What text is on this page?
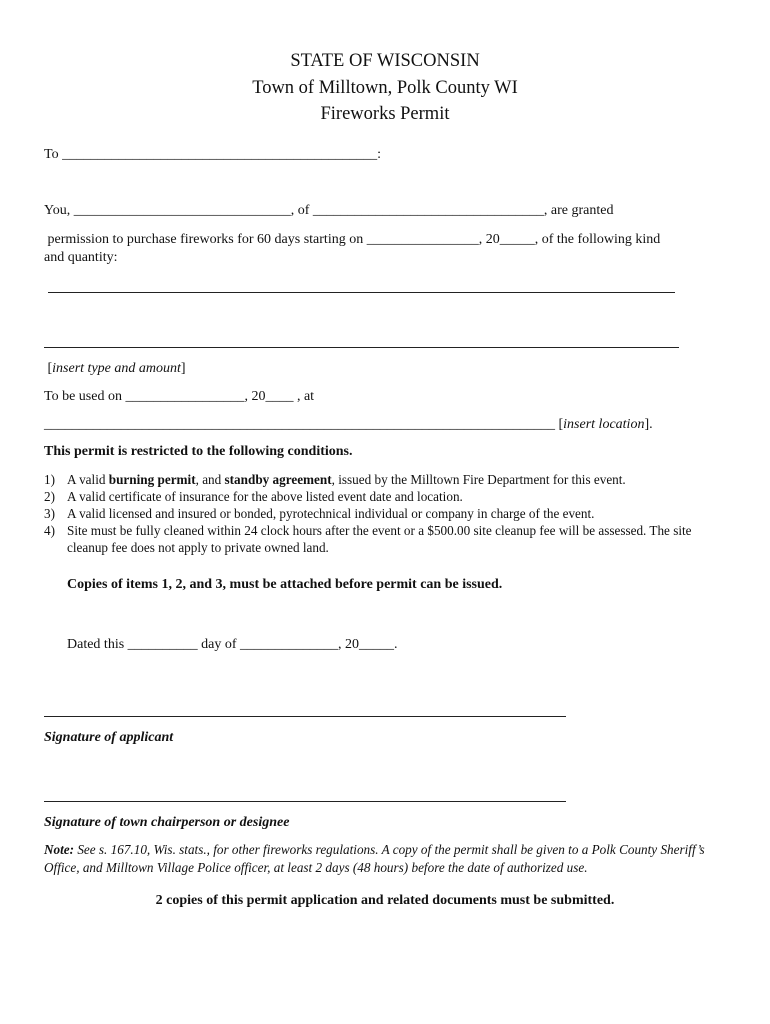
STATE OF WISCONSIN
Town of Milltown, Polk County WI
Fireworks Permit
To _____________________________________________:
You, _______________________________, of _________________________________, are granted
permission to purchase fireworks for 60 days starting on ________________, 20_____, of the following kind
and quantity:
[insert type and amount]
To be used on _________________, 20____ , at
_________________________________________________________________________ [insert location].
This permit is restricted to the following conditions.
1) A valid burning permit, and standby agreement, issued by the Milltown Fire Department for this event.
2) A valid certificate of insurance for the above listed event date and location.
3) A valid licensed and insured or bonded, pyrotechnical individual or company in charge of the event.
4) Site must be fully cleaned within 24 clock hours after the event or a $500.00 site cleanup fee will be assessed. The site cleanup fee does not apply to private owned land.
Copies of items 1, 2, and 3, must be attached before permit can be issued.
Dated this __________ day of ______________, 20_____.
Signature of applicant
Signature of town chairperson or designee
Note: See s. 167.10, Wis. stats., for other fireworks regulations. A copy of the permit shall be given to a Polk County Sheriff’s Office, and Milltown Village Police officer, at least 2 days (48 hours) before the date of authorized use.
2 copies of this permit application and related documents must be submitted.
